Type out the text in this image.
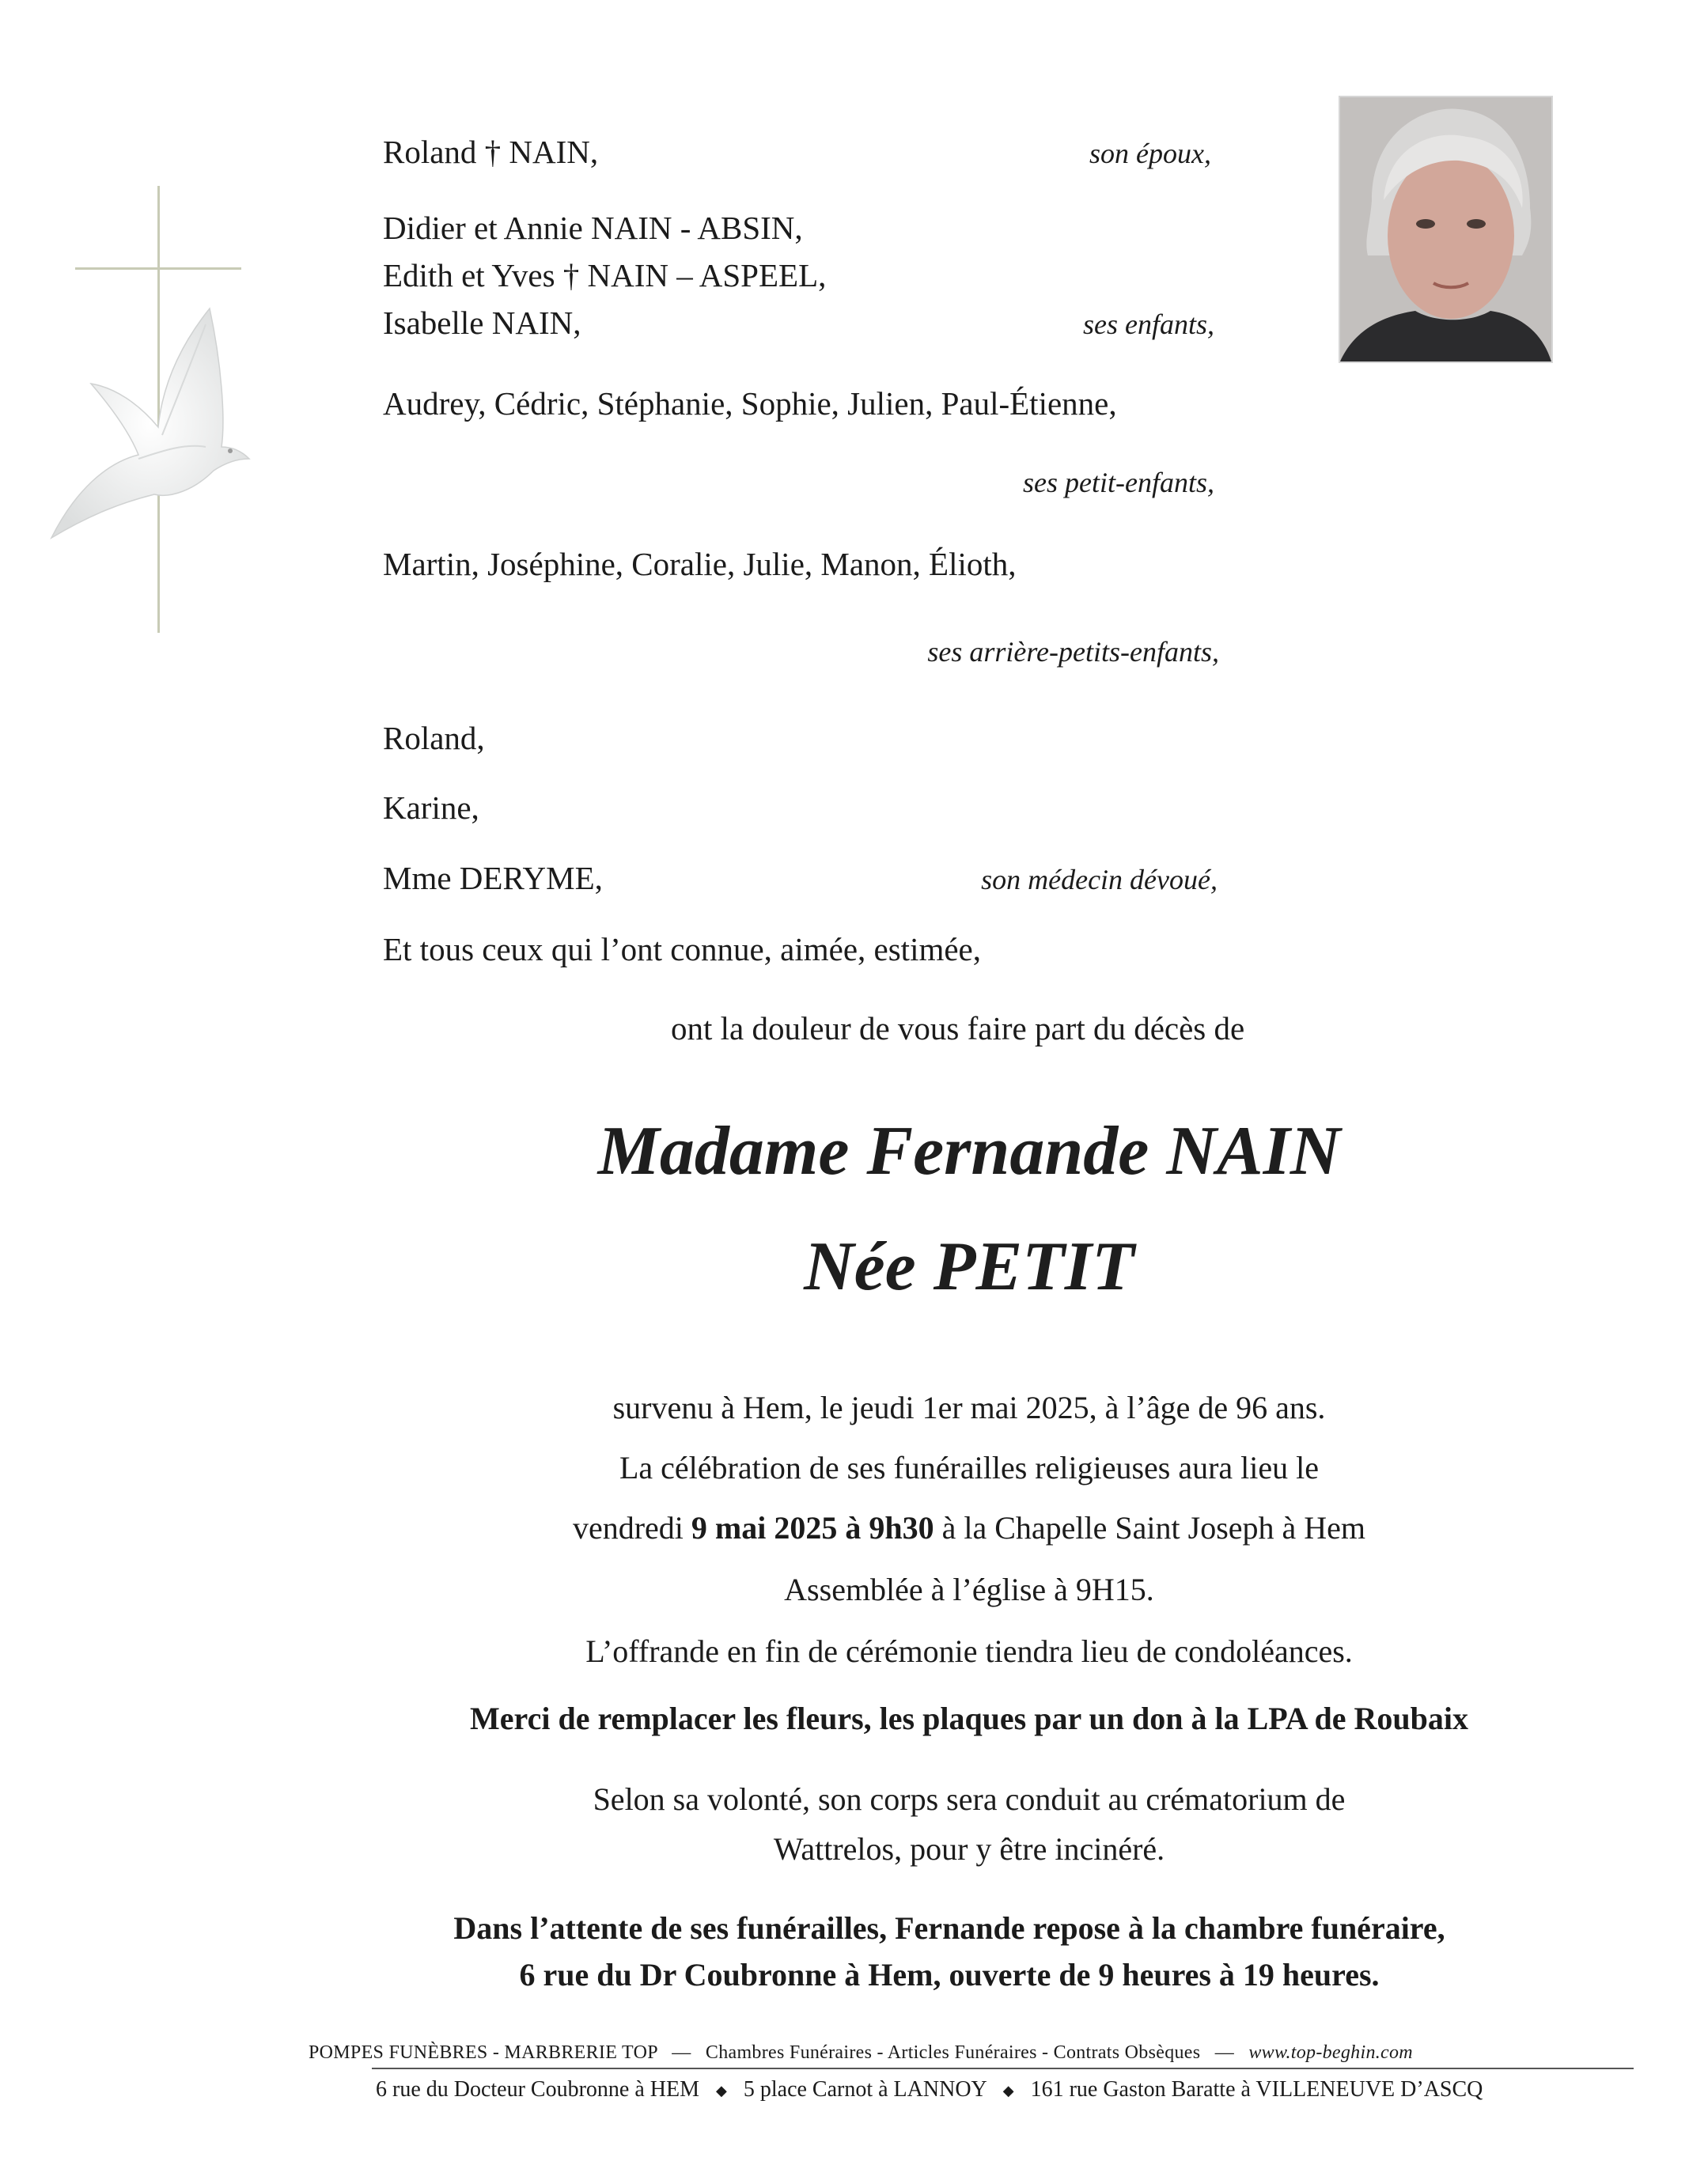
Roland † NAIN,	son époux,
Didier et Annie NAIN - ABSIN,
Edith et Yves † NAIN – ASPEEL,
Isabelle NAIN,	ses enfants,
Audrey, Cédric, Stéphanie, Sophie, Julien, Paul-Étienne,
ses petit-enfants,
Martin, Joséphine, Coralie, Julie, Manon, Élioth,
ses arrière-petits-enfants,
Roland,
Karine,
Mme DERYME,	son médecin dévoué,
Et tous ceux qui l’ont connue, aimée, estimée,
ont la douleur de vous faire part du décès de
Madame Fernande NAIN
Née PETIT
survenu à Hem, le jeudi 1er mai 2025, à l’âge de 96 ans.
La célébration de ses funérailles religieuses aura lieu le
vendredi 9 mai 2025 à 9h30 à la Chapelle Saint Joseph à Hem
Assemblée à l’église à 9H15.
L’offrande en fin de cérémonie tiendra lieu de condoléances.
Merci de remplacer les fleurs, les plaques par un don à la LPA de Roubaix
Selon sa volonté, son corps sera conduit au crématorium de
Wattrelos, pour y être incinéré.
Dans l’attente de ses funérailles, Fernande repose à la chambre funéraire,
6 rue du Dr Coubronne à Hem, ouverte de 9 heures à 19 heures.
POMPES FUNÈBRES - MARBRERIE TOP — Chambres Funéraires - Articles Funéraires - Contrats Obsèques — www.top-beghin.com
6 rue du Docteur Coubronne à HEM ◆ 5 place Carnot à LANNOY ◆ 161 rue Gaston Baratte à VILLENEUVE D’ASCQ
